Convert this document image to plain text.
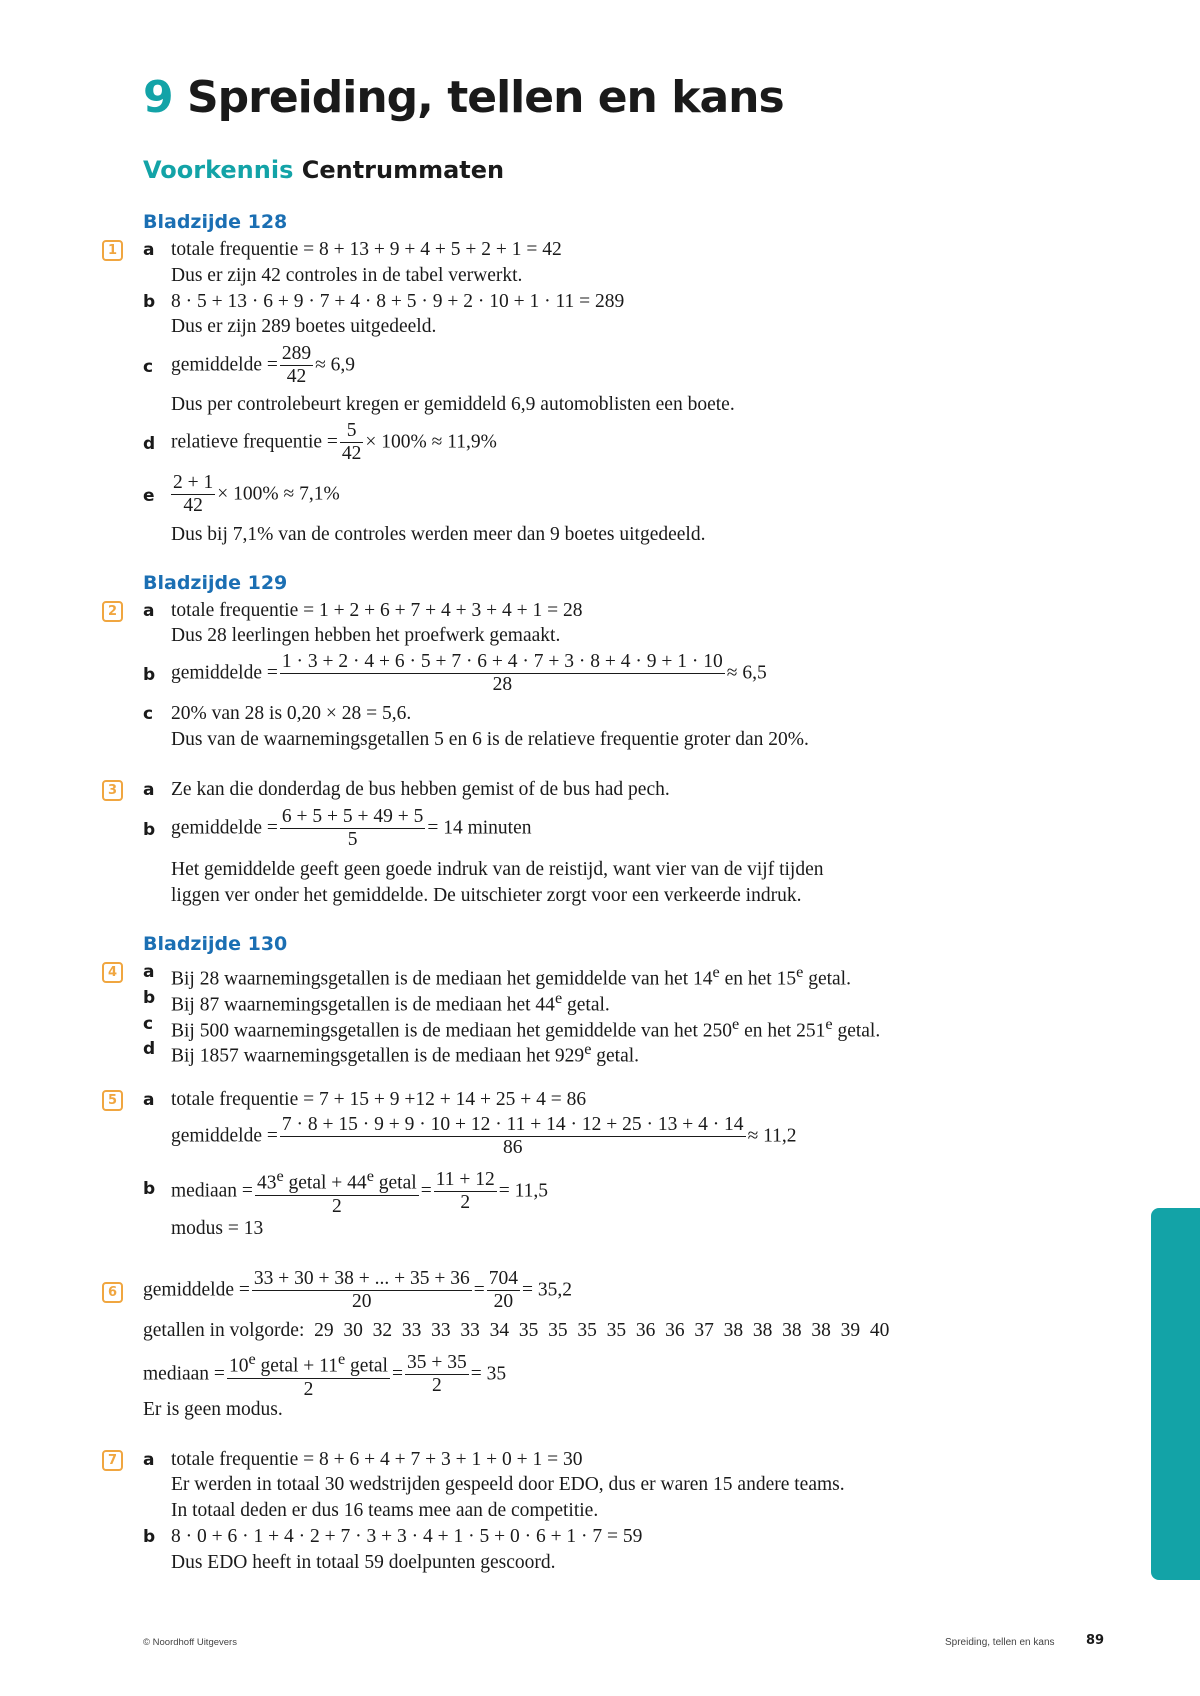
9 Spreiding, tellen en kans
Voorkennis Centrummaten
Bladzijde 128
1	a totale frequentie = 8 + 13 + 9 + 4 + 5 + 2 + 1 = 42
Dus er zijn 42 controles in de tabel verwerkt.
b 8 · 5 + 13 · 6 + 9 · 7 + 4 · 8 + 5 · 9 + 2 · 10 + 1 · 11 = 289
Dus er zijn 289 boetes uitgedeeld.
c gemiddelde = $\frac{289}{42} \approx 6,9$
Dus per controlebeurt kregen er gemiddeld 6,9 automoblisten een boete.
d relatieve frequentie = $\frac{5}{42} \times 100\% \approx 11,9\%$
e $\frac{2 + 1}{42} \times 100\% \approx 7,1\%$
Dus bij 7,1% van de controles werden meer dan 9 boetes uitgedeeld.
Bladzijde 129
2	a totale frequentie = 1 + 2 + 6 + 7 + 4 + 3 + 4 + 1 = 28
Dus 28 leerlingen hebben het proefwerk gemaakt.
b gemiddelde =
1 · 3 + 2 · 4 + 6 · 5 + 7 · 6 + 4 · 7 + 3 · 8 + 4 · 9 + 1 · 10
28
≈ 6,5
c 20% van 28 is 0,20 × 28 = 5,6.
Dus van de waarnemingsgetallen 5 en 6 is de relatieve frequentie groter dan 20%.
3	a Ze kan die donderdag de bus hebben gemist of de bus had pech.
b gemiddelde = $\frac{6 + 5 + 5 + 49 + 5}{5} = 14$ minuten
Het gemiddelde geeft geen goede indruk van de reistijd, want vier van de vijf tijden
liggen ver onder het gemiddelde. De uitschieter zorgt voor een verkeerde indruk.
Bladzijde 130
4	a Bij 28 waarnemingsgetallen is de mediaan het gemiddelde van het 14e en het 15e getal.
b Bij 87 waarnemingsgetallen is de mediaan het 44e getal.
c Bij 500 waarnemingsgetallen is de mediaan het gemiddelde van het 250e en het 251e getal.
d Bij 1857 waarnemingsgetallen is de mediaan het 929e getal.
5	a totale frequentie = 7 + 15 + 9 +12 + 14 + 25 + 4 = 86
gemiddelde =
7 · 8 + 15 · 9 + 9 · 10 + 12 · 11 + 14 · 12 + 25 · 13 + 4 · 14
86
≈ 11,2
b mediaan = $43^e$ getal + $44^e$ getal
2
= $\frac{11 + 12}{2} = 11,5$
modus = 13
6	gemiddelde = $\frac{33 + 30 + 38 + ... + 35 + 36}{20} = \frac{704}{20} = 35,2$
getallen in volgorde: 29  30  32  33  33  33  34  35  35  35  35  36  36  37  38  38  38  38  39  40
mediaan = $10^e$ getal + $11^e$ getal
2
= $\frac{35 + 35}{2} = 35$
Er is geen modus.
7	a totale frequentie = 8 + 6 + 4 + 7 + 3 + 1 + 0 + 1 = 30
Er werden in totaal 30 wedstrijden gespeeld door EDO, dus er waren 15 andere teams.
In totaal deden er dus 16 teams mee aan de competitie.
b 8 · 0 + 6 · 1 + 4 · 2 + 7 · 3 + 3 · 4 + 1 · 5 + 0 · 6 + 1 · 7 = 59
Dus EDO heeft in totaal 59 doelpunten gescoord.
© Noordhoff Uitgevers	Spreiding, tellen en kans 89
